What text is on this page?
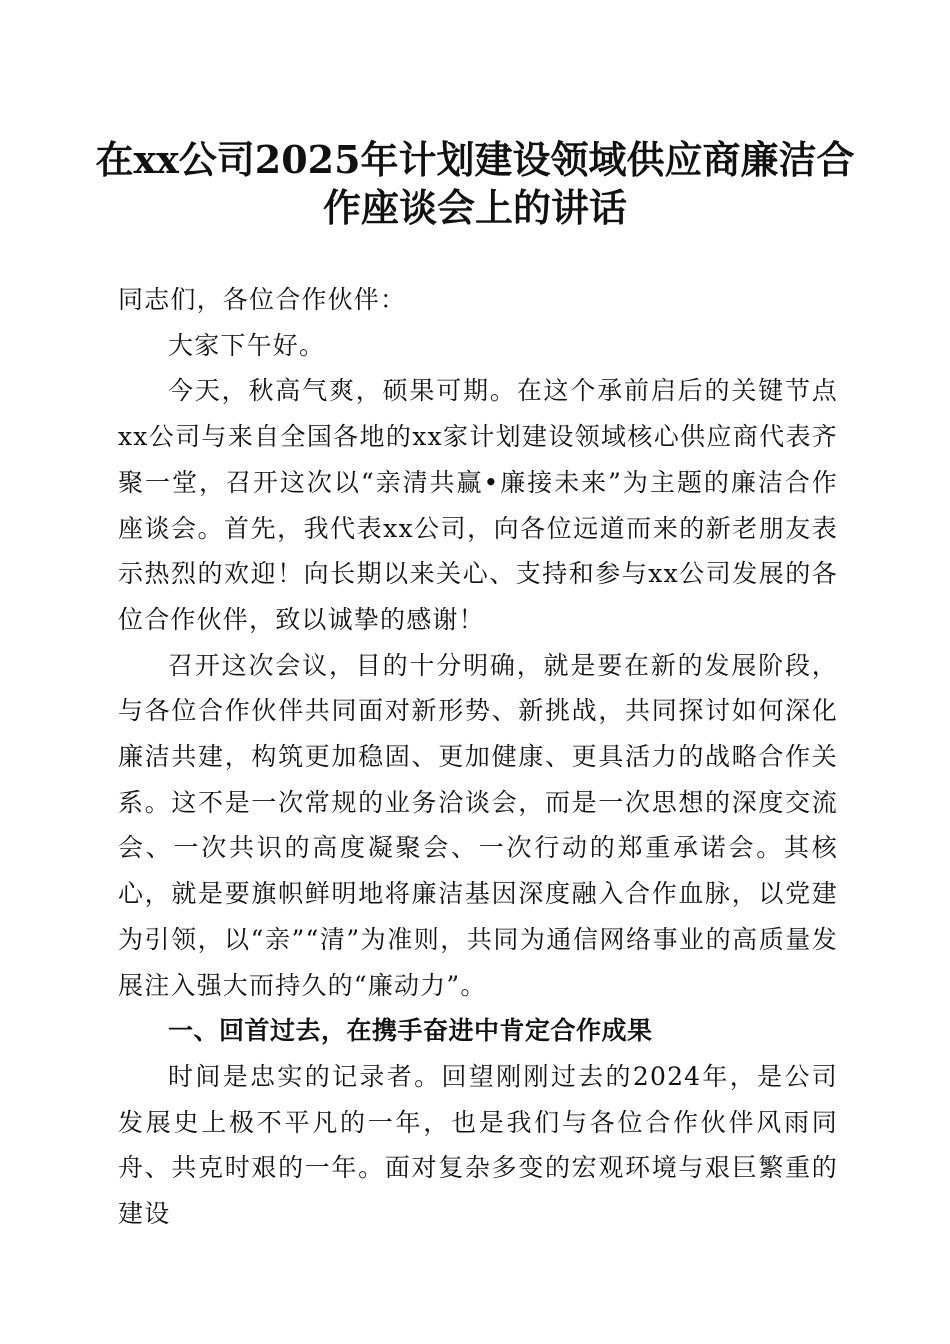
在xx公司2025年计划建设领域供应商廉洁合
作座谈会上的讲话

同志们，各位合作伙伴：

大家下午好。

今天，秋高气爽，硕果可期。在这个承前启后的关键节点xx公司与来自全国各地的xx家计划建设领域核心供应商代表齐聚一堂，召开这次以“亲清共赢•廉接未来”为主题的廉洁合作座谈会。首先，我代表xx公司，向各位远道而来的新老朋友表示热烈的欢迎！向长期以来关心、支持和参与xx公司发展的各位合作伙伴，致以诚挚的感谢！

召开这次会议，目的十分明确，就是要在新的发展阶段，与各位合作伙伴共同面对新形势、新挑战，共同探讨如何深化廉洁共建，构筑更加稳固、更加健康、更具活力的战略合作关系。这不是一次常规的业务洽谈会，而是一次思想的深度交流会、一次共识的高度凝聚会、一次行动的郑重承诺会。其核心，就是要旗帜鲜明地将廉洁基因深度融入合作血脉，以党建为引领，以“亲”“清”为准则，共同为通信网络事业的高质量发展注入强大而持久的“廉动力”。

一、回首过去，在携手奋进中肯定合作成果

时间是忠实的记录者。回望刚刚过去的2024年，是公司发展史上极不平凡的一年，也是我们与各位合作伙伴风雨同舟、共克时艰的一年。面对复杂多变的宏观环境与艰巨繁重的建设
